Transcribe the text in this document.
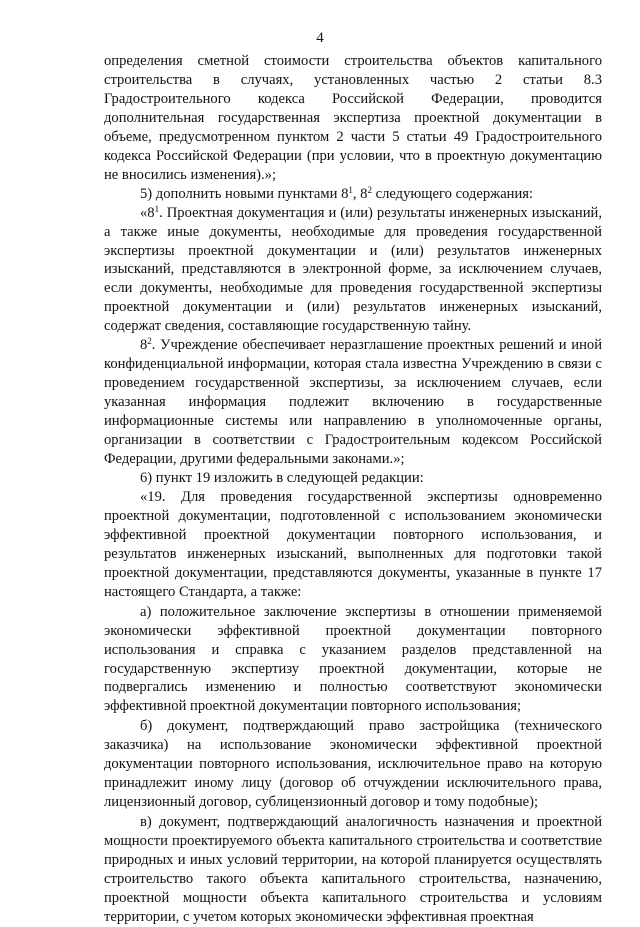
4

определения сметной стоимости строительства объектов капитального строительства в случаях, установленных частью 2 статьи 8.3 Градостроительного кодекса Российской Федерации, проводится дополнительная государственная экспертиза проектной документации в объеме, предусмотренном пунктом 2 части 5 статьи 49 Градостроительного кодекса Российской Федерации (при условии, что в проектную документацию не вносились изменения).»;

5) дополнить новыми пунктами $8^1$, $8^2$ следующего содержания:

«$8^1$. Проектная документация и (или) результаты инженерных изысканий, а также иные документы, необходимые для проведения государственной экспертизы проектной документации и (или) результатов инженерных изысканий, представляются в электронной форме, за исключением случаев, если документы, необходимые для проведения государственной экспертизы проектной документации и (или) результатов инженерных изысканий, содержат сведения, составляющие государственную тайну.

$8^2$. Учреждение обеспечивает неразглашение проектных решений и иной конфиденциальной информации, которая стала известна Учреждению в связи с проведением государственной экспертизы, за исключением случаев, если указанная информация подлежит включению в государственные информационные системы или направлению в уполномоченные органы, организации в соответствии с Градостроительным кодексом Российской Федерации, другими федеральными законами.»;

6) пункт 19 изложить в следующей редакции:

«19. Для проведения государственной экспертизы одновременно проектной документации, подготовленной с использованием экономически эффективной проектной документации повторного использования, и результатов инженерных изысканий, выполненных для подготовки такой проектной документации, представляются документы, указанные в пункте 17 настоящего Стандарта, а также:

а) положительное заключение экспертизы в отношении применяемой экономически эффективной проектной документации повторного использования и справка с указанием разделов представленной на государственную экспертизу проектной документации, которые не подвергались изменению и полностью соответствуют экономически эффективной проектной документации повторного использования;

б) документ, подтверждающий право застройщика (технического заказчика) на использование экономически эффективной проектной документации повторного использования, исключительное право на которую принадлежит иному лицу (договор об отчуждении исключительного права, лицензионный договор, сублицензионный договор и тому подобные);

в) документ, подтверждающий аналогичность назначения и проектной мощности проектируемого объекта капитального строительства и соответствие природных и иных условий территории, на которой планируется осуществлять строительство такого объекта капитального строительства, назначению, проектной мощности объекта капитального строительства и условиям территории, с учетом которых экономически эффективная проектная
